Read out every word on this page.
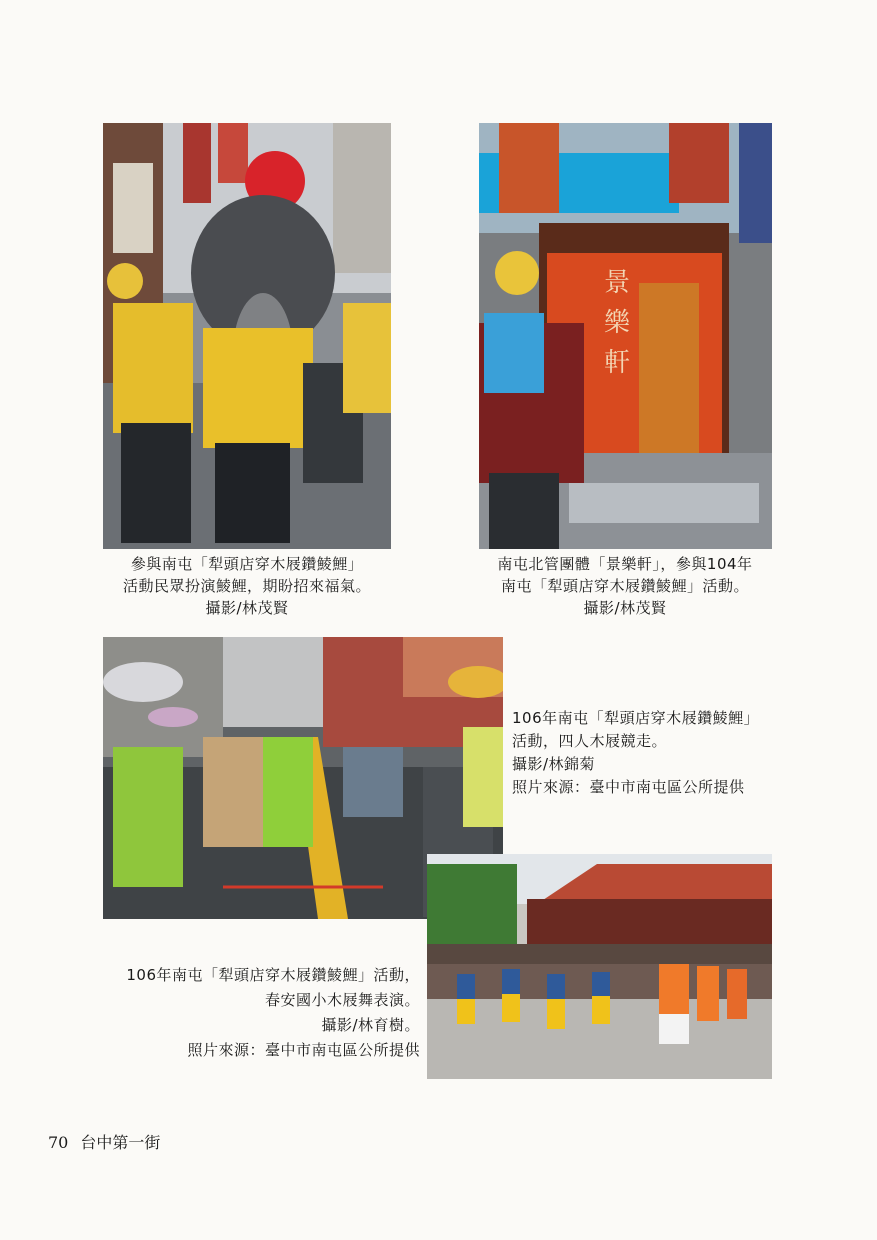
參與南屯「犁頭店穿木屐鑽鯪鯉」
活動民眾扮演鯪鯉，期盼招來福氣。
攝影/林茂賢
景樂軒
南屯北管團體「景樂軒」，參與104年
南屯「犁頭店穿木屐鑽鯪鯉」活動。
攝影/林茂賢
106年南屯「犁頭店穿木屐鑽鯪鯉」
活動，四人木屐競走。
攝影/林錦菊
照片來源：臺中市南屯區公所提供
106年南屯「犁頭店穿木屐鑽鯪鯉」活動，
春安國小木屐舞表演。
攝影/林育樹。
照片來源：臺中市南屯區公所提供
70 台中第一街
